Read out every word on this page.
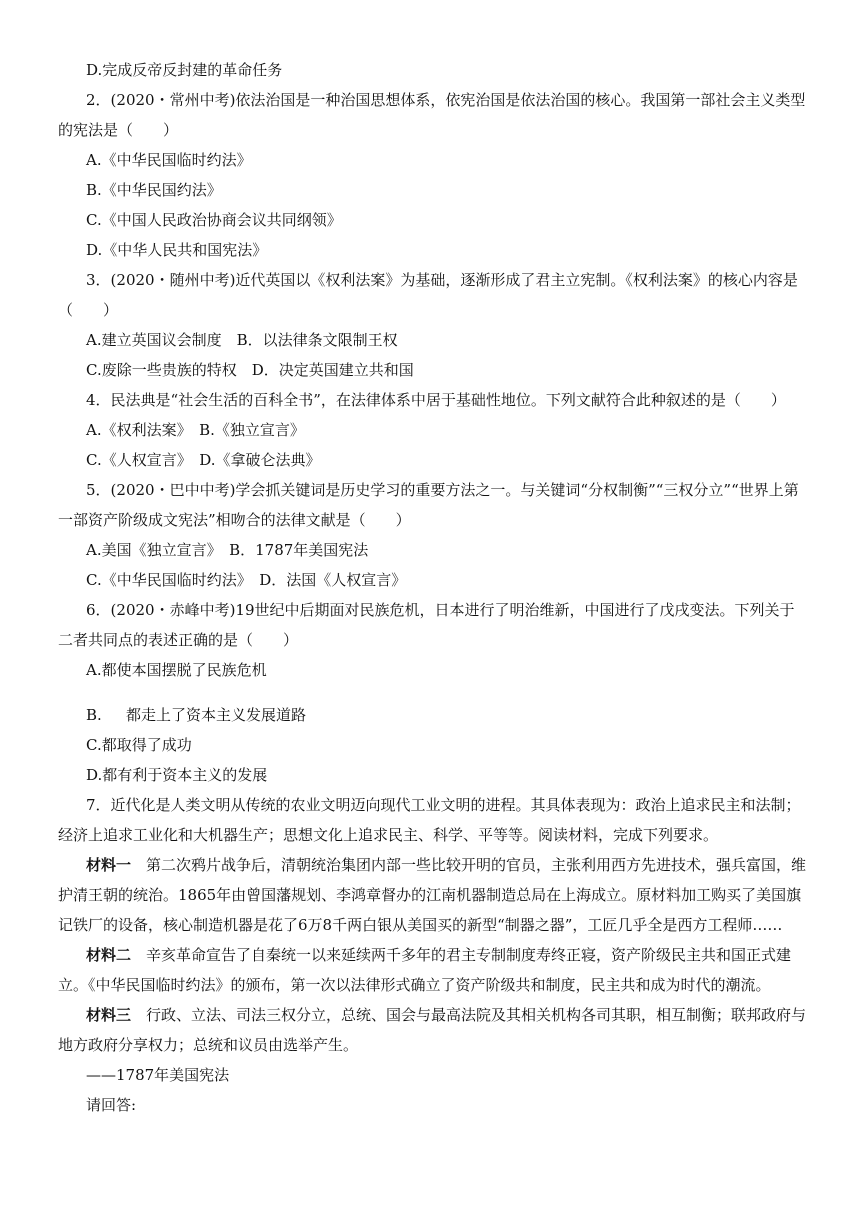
D.完成反帝反封建的革命任务
2．(2020・常州中考)依法治国是一种治国思想体系，依宪治国是依法治国的核心。我国第一部社会主义类型的宪法是（　　）
A.《中华民国临时约法》
B.《中华民国约法》
C.《中国人民政治协商会议共同纲领》
D.《中华人民共和国宪法》
3．(2020・随州中考)近代英国以《权利法案》为基础，逐渐形成了君主立宪制。《权利法案》的核心内容是（　　）
A.建立英国议会制度　B．以法律条文限制王权
C.废除一些贵族的特权　D．决定英国建立共和国
4．民法典是“社会生活的百科全书”，在法律体系中居于基础性地位。下列文献符合此种叙述的是（　　）
A.《权利法案》　B.《独立宣言》
C.《人权宣言》　D.《拿破仑法典》
5．(2020・巴中中考)学会抓关键词是历史学习的重要方法之一。与关键词“分权制衡”“三权分立”“世界上第一部资产阶级成文宪法”相吻合的法律文献是（　　）
A.美国《独立宣言》　B．1787年美国宪法
C.《中华民国临时约法》　D．法国《人权宣言》
6．(2020・赤峰中考)19世纪中后期面对民族危机，日本进行了明治维新，中国进行了戊戌变法。下列关于二者共同点的表述正确的是（　　）
A.都使本国摆脱了民族危机
B. 都走上了资本主义发展道路
C.都取得了成功
D.都有利于资本主义的发展
7．近代化是人类文明从传统的农业文明迈向现代工业文明的进程。其具体表现为：政治上追求民主和法制；经济上追求工业化和大机器生产；思想文化上追求民主、科学、平等等。阅读材料，完成下列要求。
材料一　第二次鸦片战争后，清朝统治集团内部一些比较开明的官员，主张利用西方先进技术，强兵富国，维护清王朝的统治。1865年由曾国藩规划、李鸿章督办的江南机器制造总局在上海成立。原材料加工购买了美国旗记铁厂的设备，核心制造机器是花了6万8千两白银从美国买的新型“制器之器”，工匠几乎全是西方工程师……
材料二　辛亥革命宣告了自秦统一以来延续两千多年的君主专制制度寿终正寝，资产阶级民主共和国正式建立。《中华民国临时约法》的颁布，第一次以法律形式确立了资产阶级共和制度，民主共和成为时代的潮流。
材料三　行政、立法、司法三权分立，总统、国会与最高法院及其相关机构各司其职，相互制衡；联邦政府与地方政府分享权力；总统和议员由选举产生。
——1787年美国宪法
请回答:
